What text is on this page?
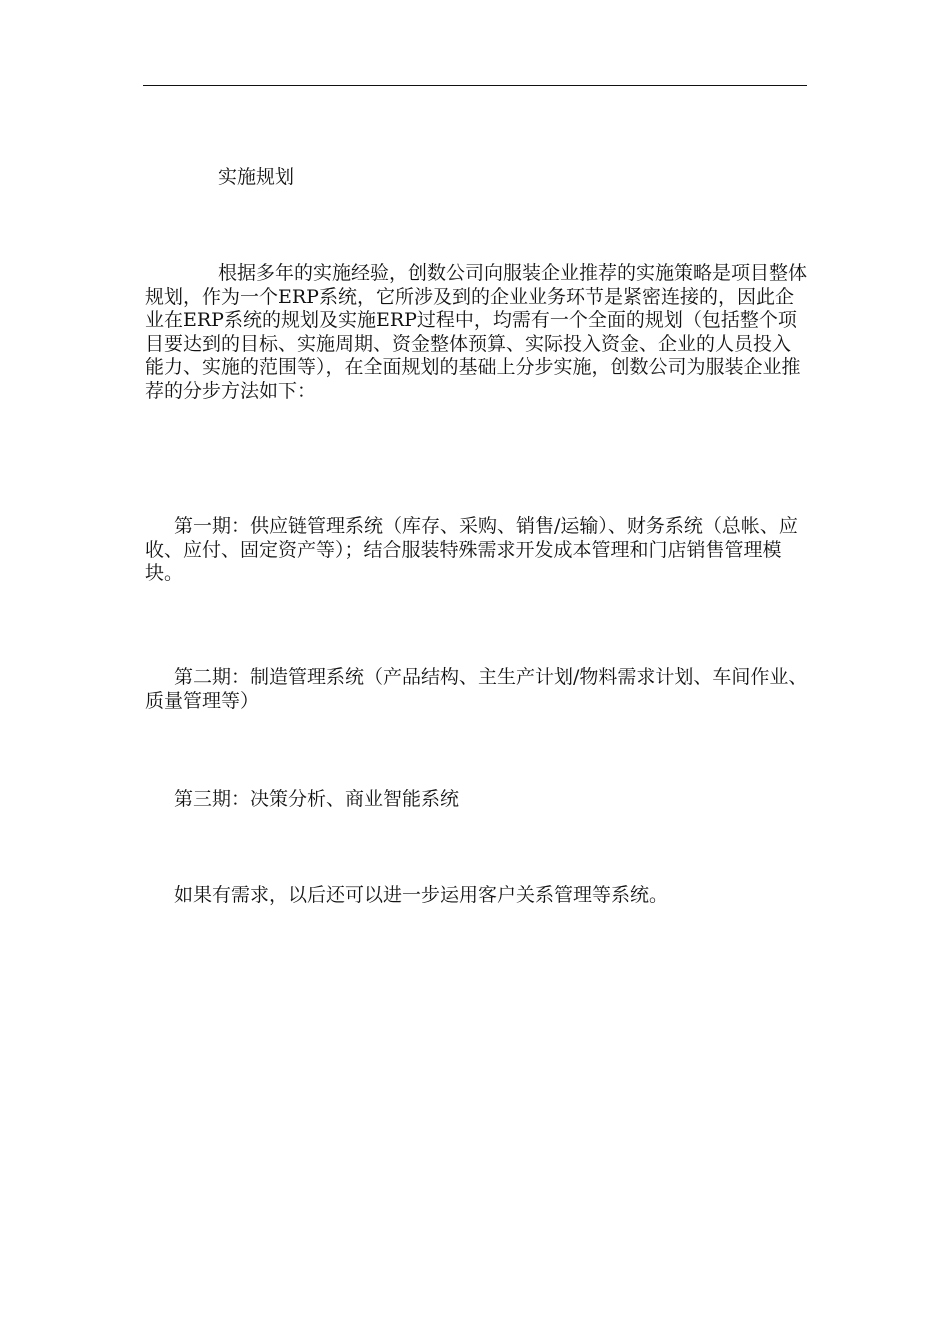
实施规划

根据多年的实施经验，创数公司向服装企业推荐的实施策略是项目整体规划，作为一个ERP系统，它所涉及到的企业业务环节是紧密连接的，因此企业在ERP系统的规划及实施ERP过程中，均需有一个全面的规划（包括整个项目要达到的目标、实施周期、资金整体预算、实际投入资金、企业的人员投入能力、实施的范围等），在全面规划的基础上分步实施，创数公司为服装企业推荐的分步方法如下：

第一期：供应链管理系统（库存、采购、销售/运输）、财务系统（总帐、应收、应付、固定资产等）；结合服装特殊需求开发成本管理和门店销售管理模块。

第二期：制造管理系统（产品结构、主生产计划/物料需求计划、车间作业、质量管理等）

第三期：决策分析、商业智能系统

如果有需求，以后还可以进一步运用客户关系管理等系统。
